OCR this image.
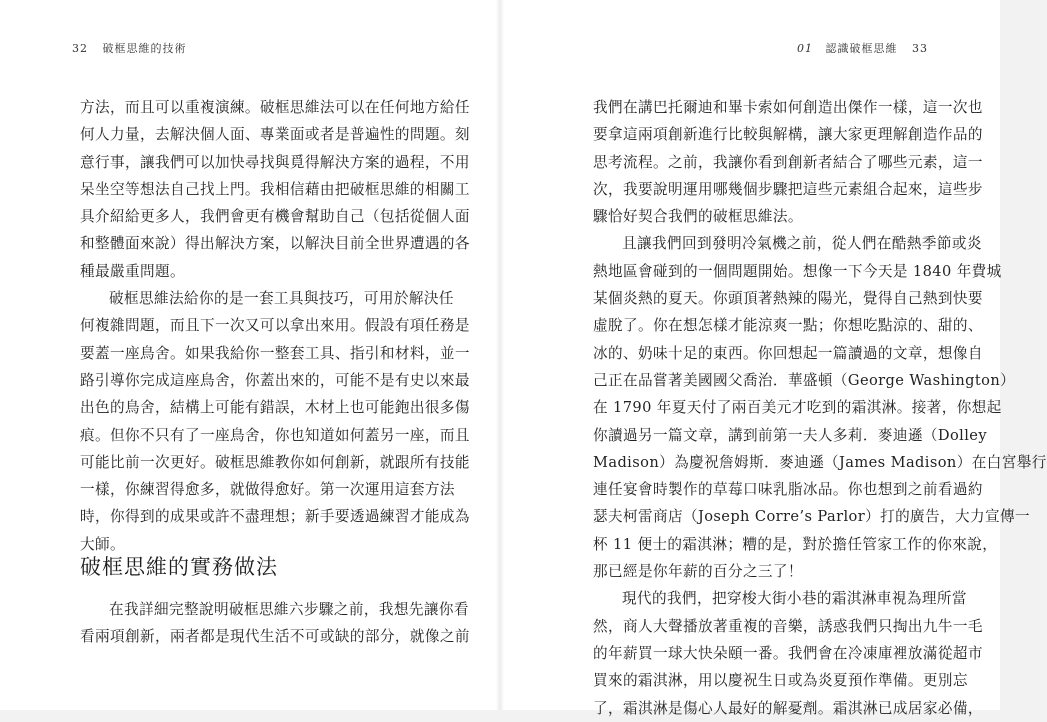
32 破框思維的技術
方法，而且可以重複演練。破框思維法可以在任何地方給任
何人力量，去解決個人面、專業面或者是普遍性的問題。刻
意行事，讓我們可以加快尋找與覓得解決方案的過程，不用
呆坐空等想法自己找上門。我相信藉由把破框思維的相關工
具介紹給更多人，我們會更有機會幫助自己（包括從個人面
和整體面來說）得出解決方案，以解決目前全世界遭遇的各
種最嚴重問題。
破框思維法給你的是一套工具與技巧，可用於解決任
何複雜問題，而且下一次又可以拿出來用。假設有項任務是
要蓋一座鳥舍。如果我給你一整套工具、指引和材料，並一
路引導你完成這座鳥舍，你蓋出來的，可能不是有史以來最
出色的鳥舍，結構上可能有錯誤，木材上也可能鉋出很多傷
痕。但你不只有了一座鳥舍，你也知道如何蓋另一座，而且
可能比前一次更好。破框思維教你如何創新，就跟所有技能
一樣，你練習得愈多，就做得愈好。第一次運用這套方法
時，你得到的成果或許不盡理想；新手要透過練習才能成為
大師。
破框思維的實務做法
在我詳細完整說明破框思維六步驟之前，我想先讓你看
看兩項創新，兩者都是現代生活不可或缺的部分，就像之前
01 認識破框思維 33
我們在講巴托爾迪和畢卡索如何創造出傑作一樣，這一次也
要拿這兩項創新進行比較與解構，讓大家更理解創造作品的
思考流程。之前，我讓你看到創新者結合了哪些元素，這一
次，我要說明運用哪幾個步驟把這些元素組合起來，這些步
驟恰好契合我們的破框思維法。
且讓我們回到發明冷氣機之前，從人們在酷熱季節或炎
熱地區會碰到的一個問題開始。想像一下今天是 1840 年費城
某個炎熱的夏天。你頭頂著熱辣的陽光，覺得自己熱到快要
虛脫了。你在想怎樣才能涼爽一點；你想吃點涼的、甜的、
冰的、奶味十足的東西。你回想起一篇讀過的文章，想像自
己正在品嘗著美國國父喬治．華盛頓（George Washington）
在 1790 年夏天付了兩百美元才吃到的霜淇淋。接著，你想起
你讀過另一篇文章，講到前第一夫人多莉．麥迪遜（Dolley
Madison）為慶祝詹姆斯．麥迪遜（James Madison）在白宮舉行
連任宴會時製作的草莓口味乳脂冰品。你也想到之前看過約
瑟夫柯雷商店（Joseph Corre’s Parlor）打的廣告，大力宣傳一
杯 11 便士的霜淇淋；糟的是，對於擔任管家工作的你來說，
那已經是你年薪的百分之三了！
現代的我們，把穿梭大街小巷的霜淇淋車視為理所當
然，商人大聲播放著重複的音樂，誘惑我們只掏出九牛一毛
的年薪買一球大快朵頤一番。我們會在冷凍庫裡放滿從超市
買來的霜淇淋，用以慶祝生日或為炎夏預作準備。更別忘
了，霜淇淋是傷心人最好的解憂劑。霜淇淋已成居家必備，
